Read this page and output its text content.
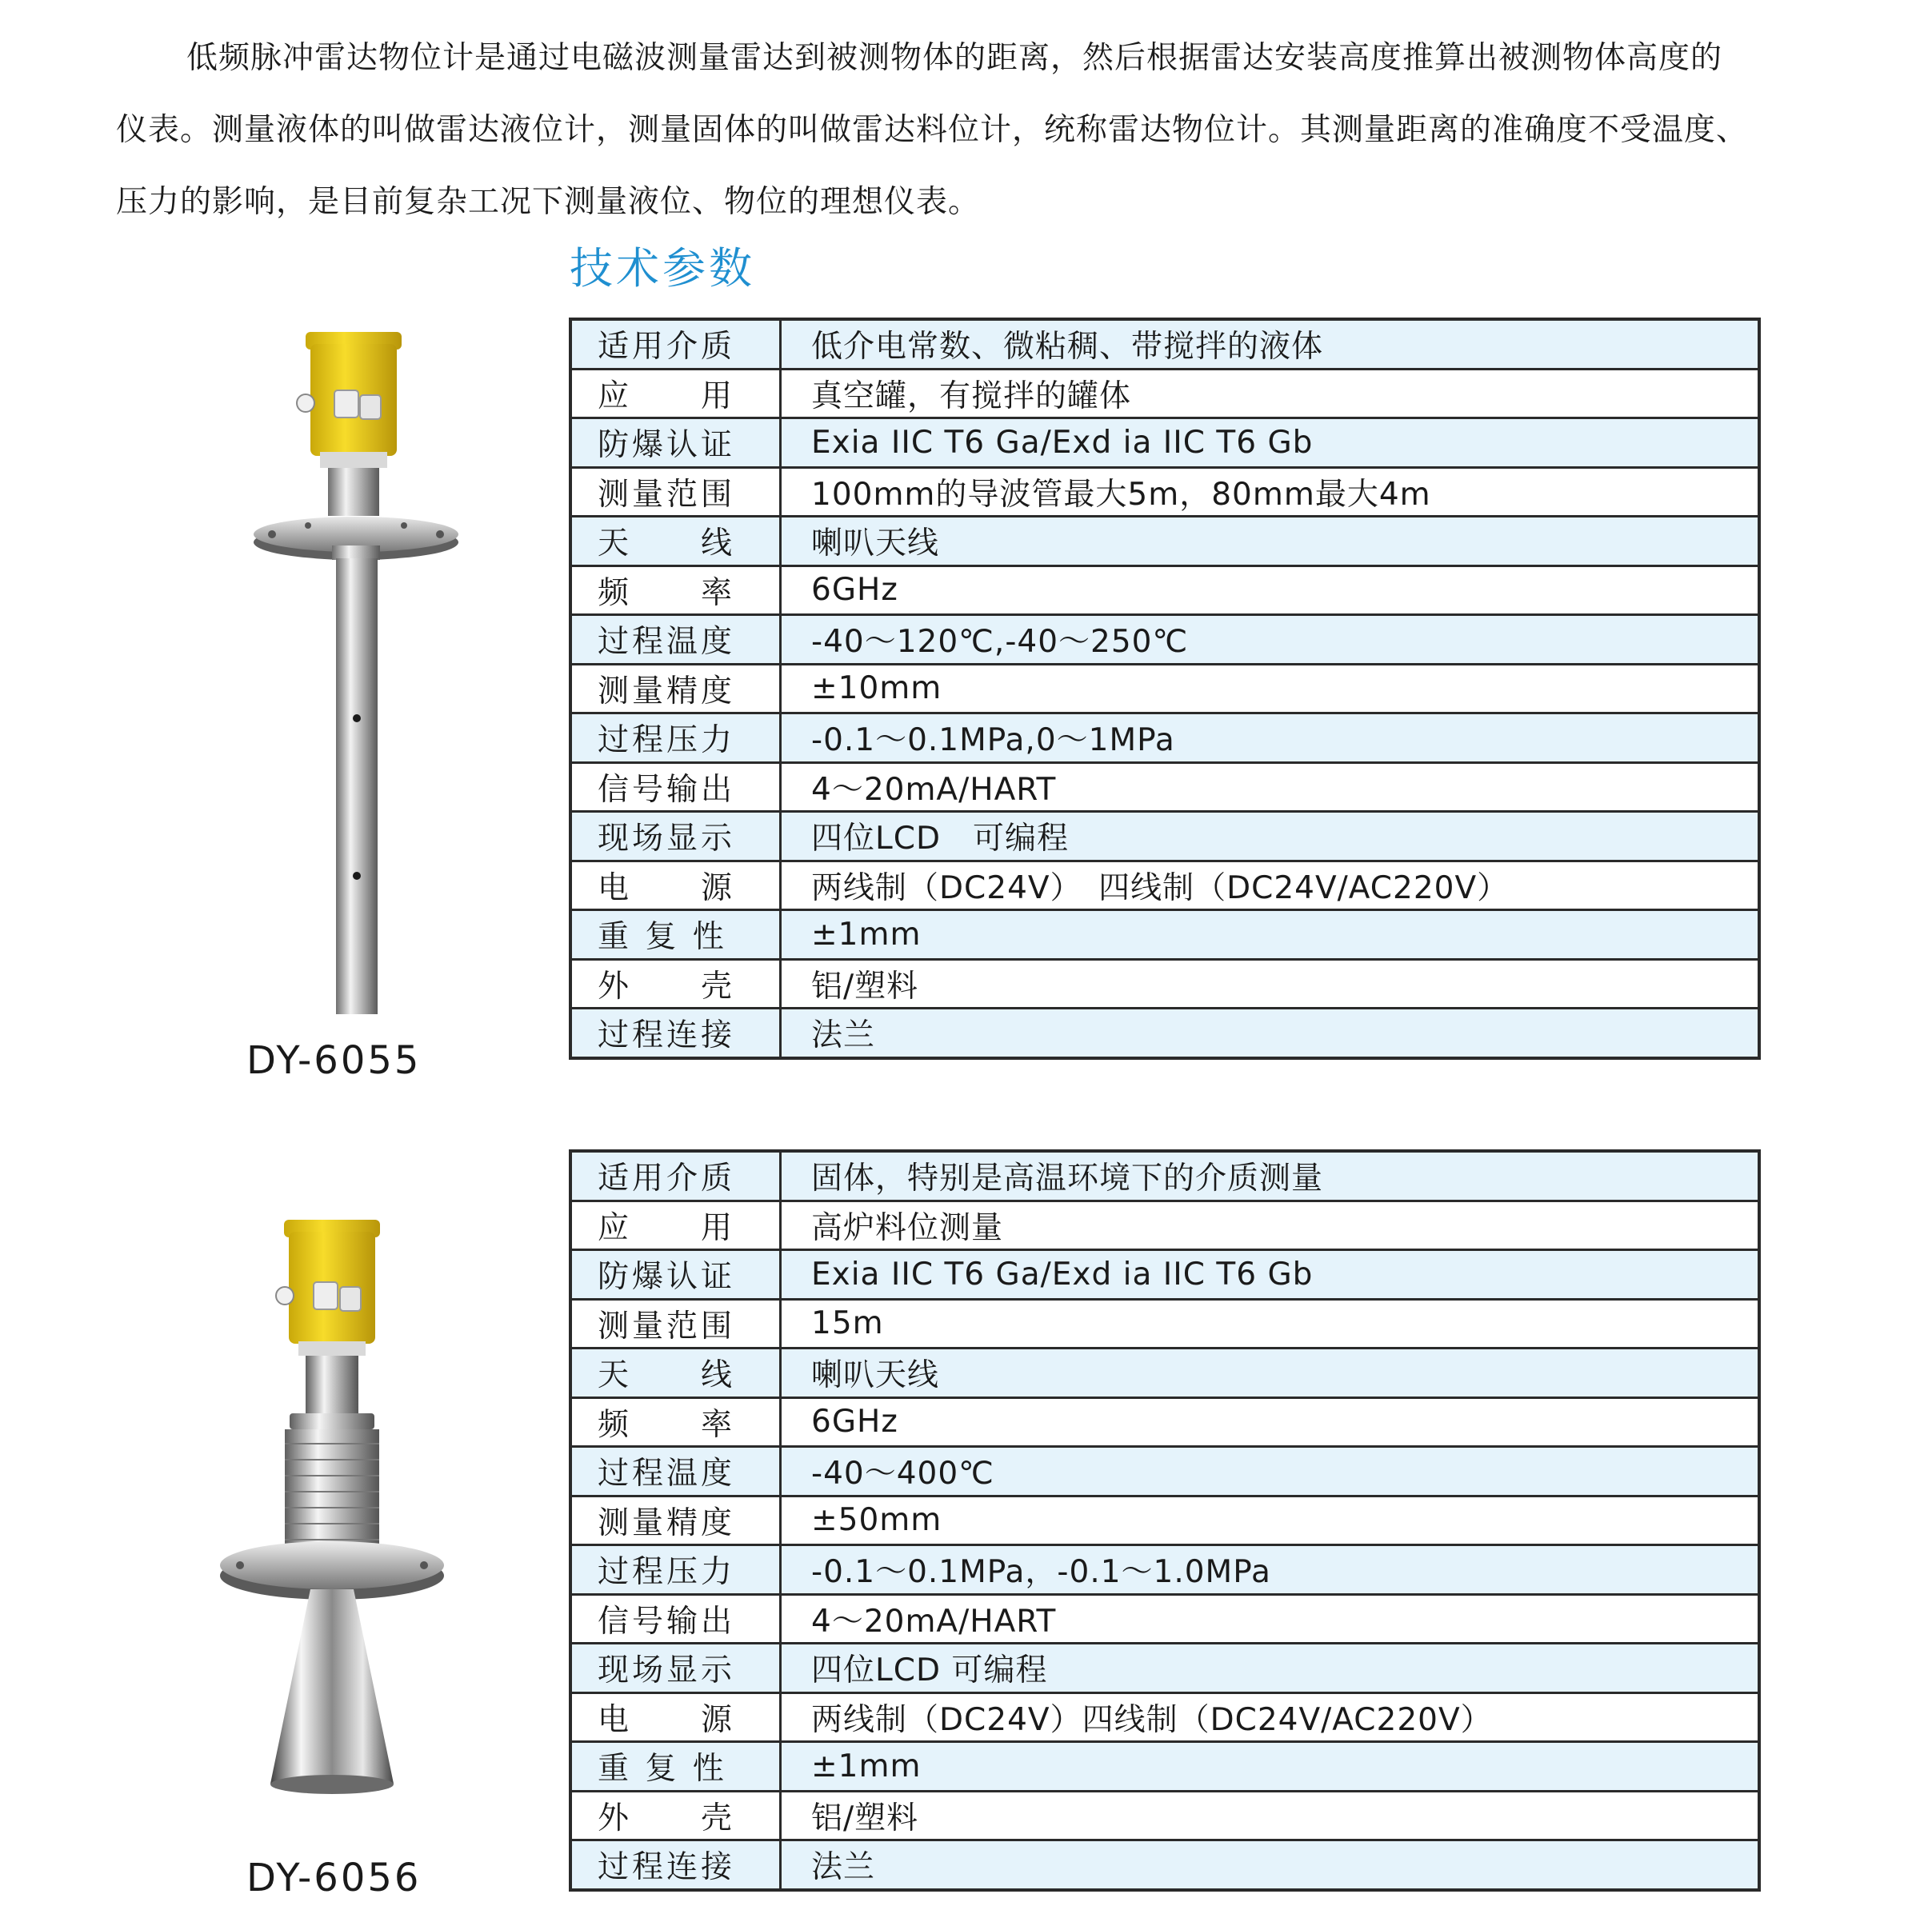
低频脉冲雷达物位计是通过电磁波测量雷达到被测物体的距离，然后根据雷达安装高度推算出被测物体高度的仪表。测量液体的叫做雷达液位计，测量固体的叫做雷达料位计，统称雷达物位计。其测量距离的准确度不受温度、压力的影响，是目前复杂工况下测量液位、物位的理想仪表。

技术参数
DY-6055
适用介质	低介电常数、微粘稠、带搅拌的液体
应　　用	真空罐，有搅拌的罐体
防爆认证	Exia IIC T6 Ga/Exd ia IIC T6 Gb
测量范围	100mm的导波管最大5m，80mm最大4m
天　　线	喇叭天线
频　　率	6GHz
过程温度	-40～120℃,-40～250℃
测量精度	±10mm
过程压力	-0.1～0.1MPa,0～1MPa
信号输出	4～20mA/HART
现场显示	四位LCD　可编程
电　　源	两线制（DC24V）　四线制（DC24V/AC220V）
重 复 性	±1mm
外　　壳	铝/塑料
过程连接	法兰
DY-6056
适用介质	固体，特别是高温环境下的介质测量
应　　用	高炉料位测量
防爆认证	Exia IIC T6 Ga/Exd ia IIC T6 Gb
测量范围	15m
天　　线	喇叭天线
频　　率	6GHz
过程温度	-40～400℃
测量精度	±50mm
过程压力	-0.1～0.1MPa，-0.1～1.0MPa
信号输出	4～20mA/HART
现场显示	四位LCD 可编程
电　　源	两线制（DC24V）四线制（DC24V/AC220V）
重 复 性	±1mm
外　　壳	铝/塑料
过程连接	法兰
